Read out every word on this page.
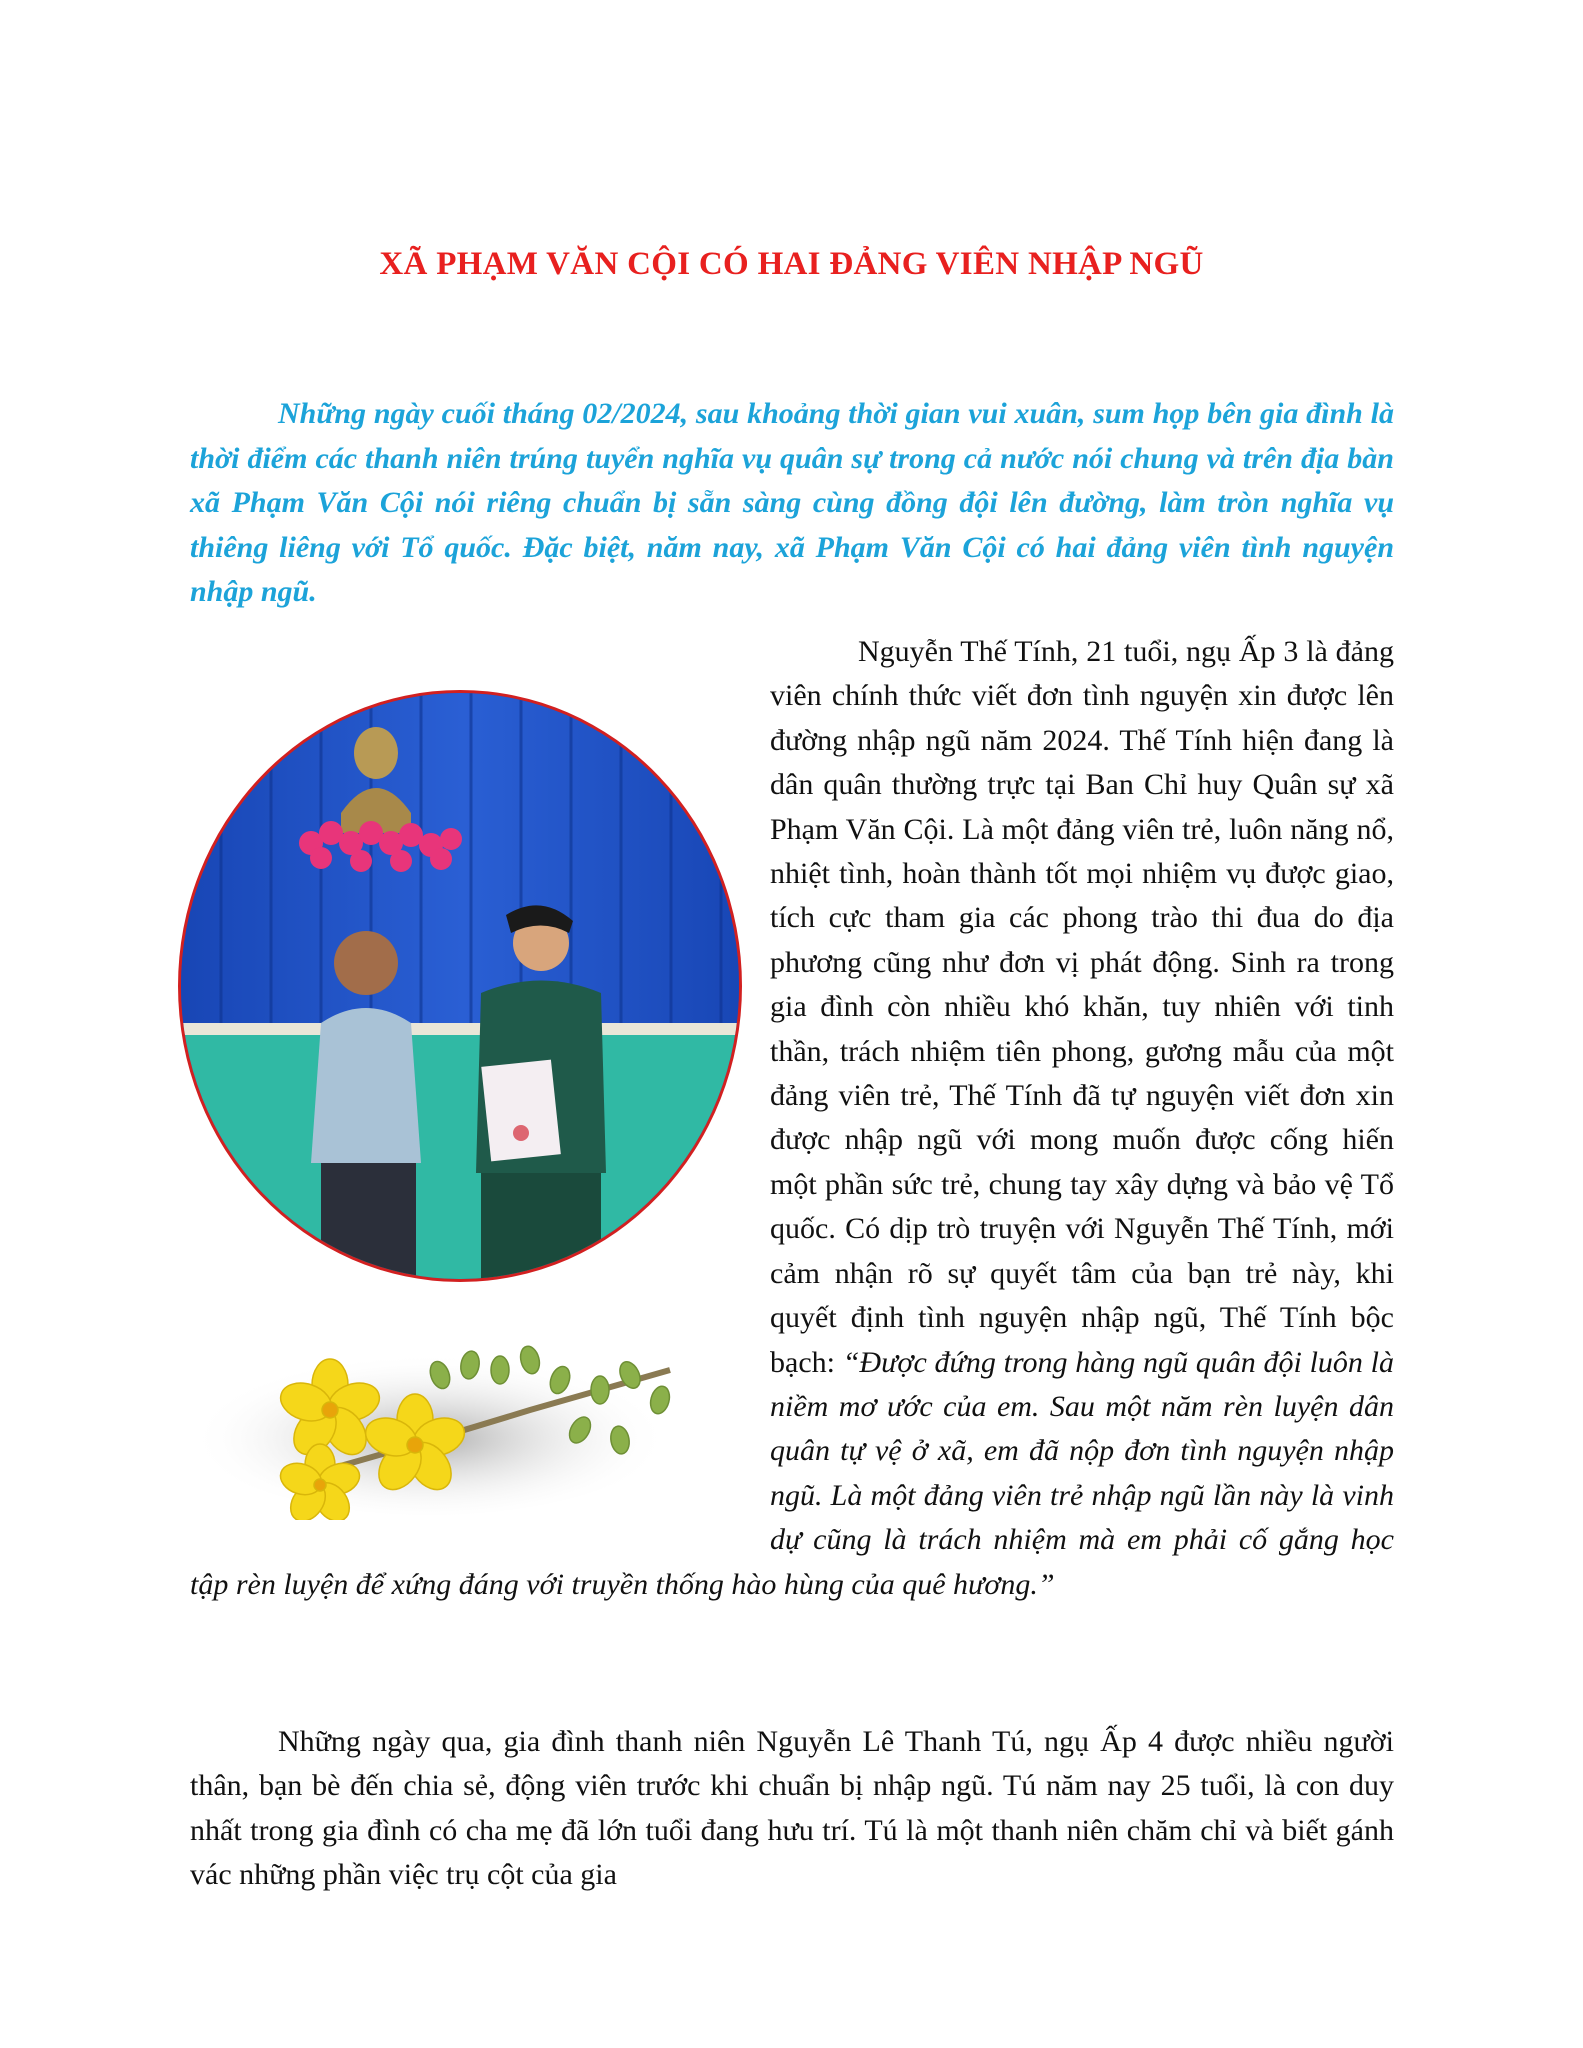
XÃ PHẠM VĂN CỘI CÓ HAI ĐẢNG VIÊN NHẬP NGŨ

Những ngày cuối tháng 02/2024, sau khoảng thời gian vui xuân, sum họp bên gia đình là thời điểm các thanh niên trúng tuyển nghĩa vụ quân sự trong cả nước nói chung và trên địa bàn xã Phạm Văn Cội nói riêng chuẩn bị sẵn sàng cùng đồng đội lên đường, làm tròn nghĩa vụ thiêng liêng với Tổ quốc. Đặc biệt, năm nay, xã Phạm Văn Cội có hai đảng viên tình nguyện nhập ngũ.

Nguyễn Thế Tính, 21 tuổi, ngụ Ấp 3 là đảng viên chính thức viết đơn tình nguyện xin được lên đường nhập ngũ năm 2024. Thế Tính hiện đang là dân quân thường trực tại Ban Chỉ huy Quân sự xã Phạm Văn Cội. Là một đảng viên trẻ, luôn năng nổ, nhiệt tình, hoàn thành tốt mọi nhiệm vụ được giao, tích cực tham gia các phong trào thi đua do địa phương cũng như đơn vị phát động. Sinh ra trong gia đình còn nhiều khó khăn, tuy nhiên với tinh thần, trách nhiệm tiên phong, gương mẫu của một đảng viên trẻ, Thế Tính đã tự nguyện viết đơn xin được nhập ngũ với mong muốn được cống hiến một phần sức trẻ, chung tay xây dựng và bảo vệ Tổ quốc. Có dịp trò truyện với Nguyễn Thế Tính, mới cảm nhận rõ sự quyết tâm của bạn trẻ này, khi quyết định tình nguyện nhập ngũ, Thế Tính bộc bạch: “Được đứng trong hàng ngũ quân đội luôn là niềm mơ ước của em. Sau một năm rèn luyện dân quân tự vệ ở xã, em đã nộp đơn tình nguyện nhập ngũ. Là một đảng viên trẻ nhập ngũ lần này là vinh dự cũng là trách nhiệm mà em phải cố gắng học tập rèn luyện để xứng đáng với truyền thống hào hùng của quê hương.”

Những ngày qua, gia đình thanh niên Nguyễn Lê Thanh Tú, ngụ Ấp 4 được nhiều người thân, bạn bè đến chia sẻ, động viên trước khi chuẩn bị nhập ngũ. Tú năm nay 25 tuổi, là con duy nhất trong gia đình có cha mẹ đã lớn tuổi đang hưu trí. Tú là một thanh niên chăm chỉ và biết gánh vác những phần việc trụ cột của gia
